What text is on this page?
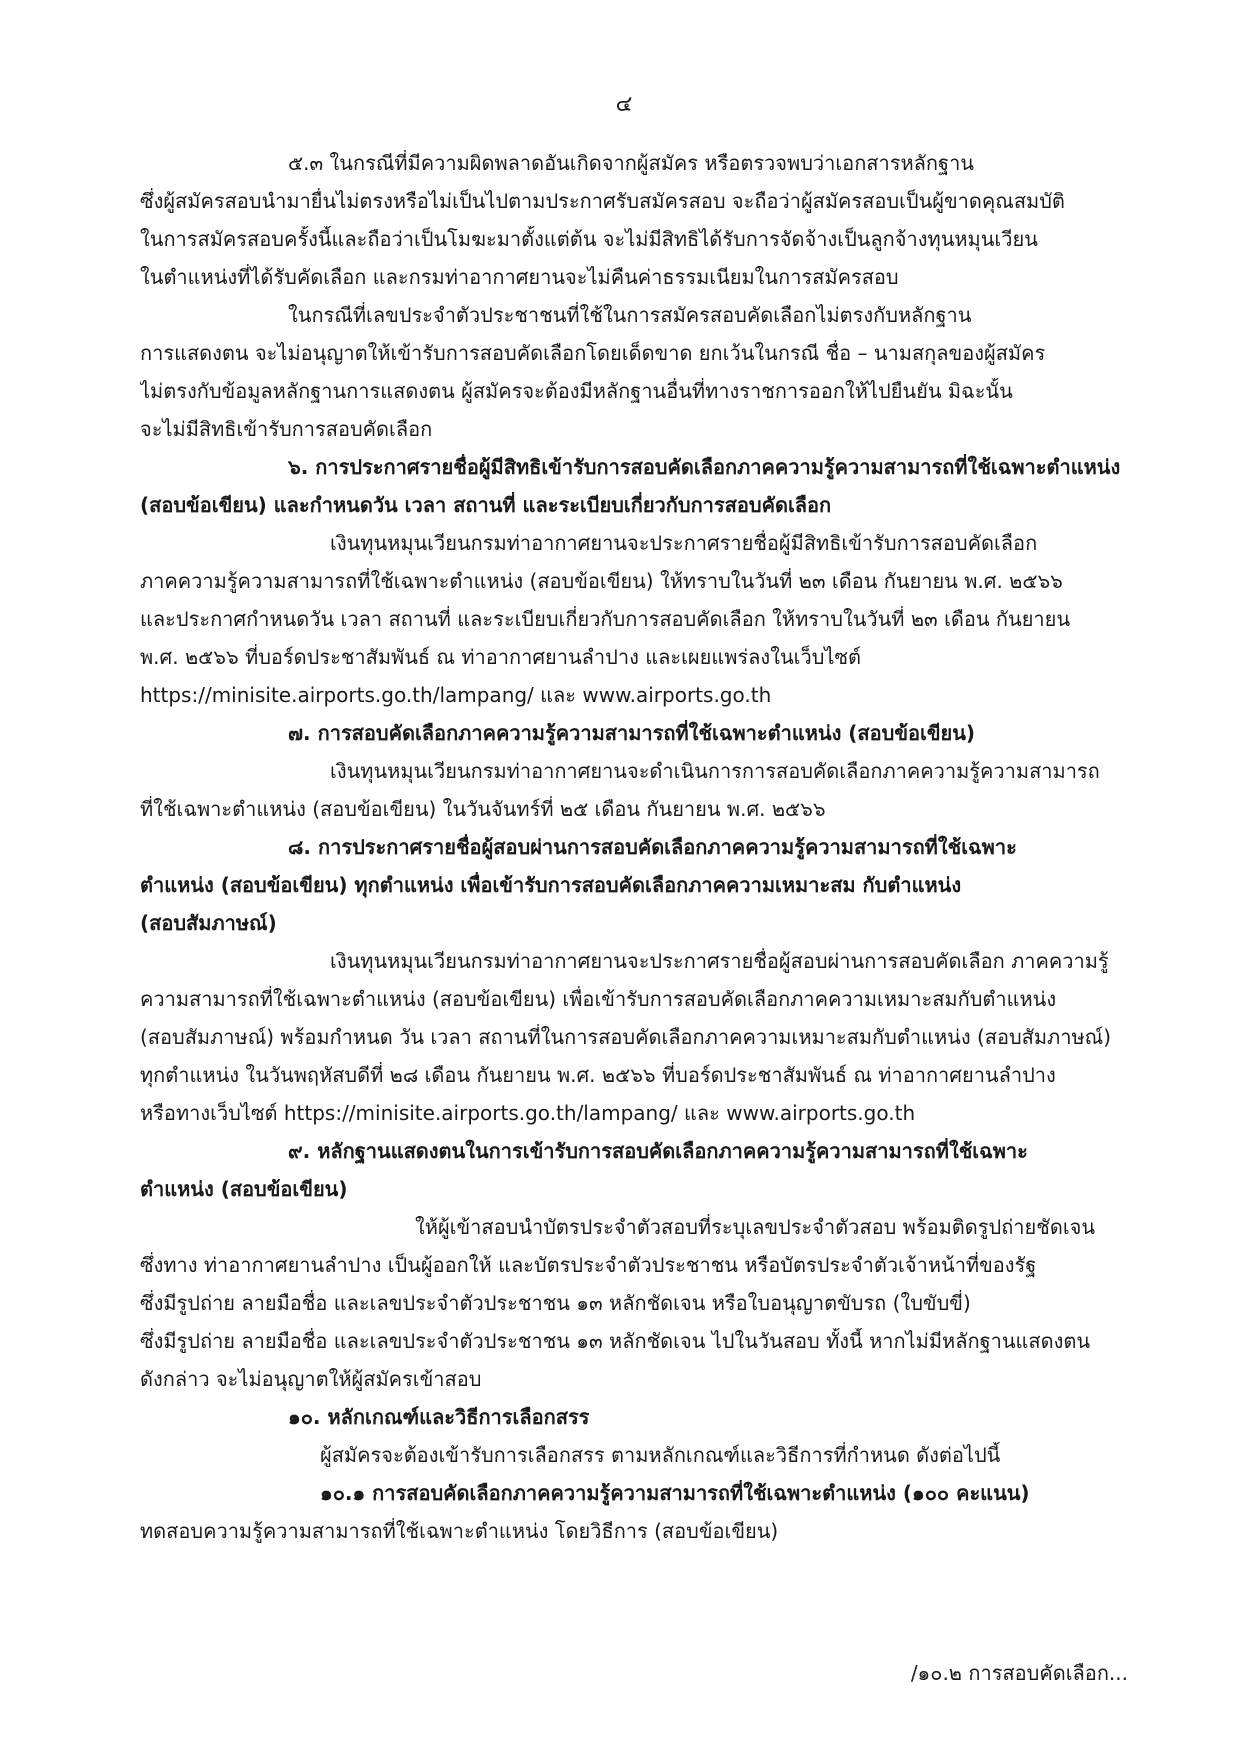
๔
๕.๓ ในกรณีที่มีความผิดพลาดอันเกิดจากผู้สมัคร หรือตรวจพบว่าเอกสารหลักฐาน
ซึ่งผู้สมัครสอบนำมายื่นไม่ตรงหรือไม่เป็นไปตามประกาศรับสมัครสอบ จะถือว่าผู้สมัครสอบเป็นผู้ขาดคุณสมบัติ
ในการสมัครสอบครั้งนี้และถือว่าเป็นโมฆะมาตั้งแต่ต้น จะไม่มีสิทธิได้รับการจัดจ้างเป็นลูกจ้างทุนหมุนเวียน
ในตำแหน่งที่ได้รับคัดเลือก และกรมท่าอากาศยานจะไม่คืนค่าธรรมเนียมในการสมัครสอบ
ในกรณีที่เลขประจำตัวประชาชนที่ใช้ในการสมัครสอบคัดเลือกไม่ตรงกับหลักฐาน
การแสดงตน จะไม่อนุญาตให้เข้ารับการสอบคัดเลือกโดยเด็ดขาด ยกเว้นในกรณี ชื่อ – นามสกุลของผู้สมัคร
ไม่ตรงกับข้อมูลหลักฐานการแสดงตน ผู้สมัครจะต้องมีหลักฐานอื่นที่ทางราชการออกให้ไปยืนยัน มิฉะนั้น
จะไม่มีสิทธิเข้ารับการสอบคัดเลือก
๖. การประกาศรายชื่อผู้มีสิทธิเข้ารับการสอบคัดเลือกภาคความรู้ความสามารถที่ใช้เฉพาะตำแหน่ง
(สอบข้อเขียน) และกำหนดวัน เวลา สถานที่ และระเบียบเกี่ยวกับการสอบคัดเลือก
เงินทุนหมุนเวียนกรมท่าอากาศยานจะประกาศรายชื่อผู้มีสิทธิเข้ารับการสอบคัดเลือก
ภาคความรู้ความสามารถที่ใช้เฉพาะตำแหน่ง (สอบข้อเขียน) ให้ทราบในวันที่ ๒๓ เดือน กันยายน พ.ศ. ๒๕๖๖
และประกาศกำหนดวัน เวลา สถานที่ และระเบียบเกี่ยวกับการสอบคัดเลือก ให้ทราบในวันที่ ๒๓ เดือน กันยายน
พ.ศ. ๒๕๖๖ ที่บอร์ดประชาสัมพันธ์ ณ ท่าอากาศยานลำปาง และเผยแพร่ลงในเว็บไซต์
https://minisite.airports.go.th/lampang/ และ www.airports.go.th
๗. การสอบคัดเลือกภาคความรู้ความสามารถที่ใช้เฉพาะตำแหน่ง (สอบข้อเขียน)
เงินทุนหมุนเวียนกรมท่าอากาศยานจะดำเนินการการสอบคัดเลือกภาคความรู้ความสามารถ
ที่ใช้เฉพาะตำแหน่ง (สอบข้อเขียน) ในวันจันทร์ที่ ๒๕ เดือน กันยายน พ.ศ. ๒๕๖๖
๘. การประกาศรายชื่อผู้สอบผ่านการสอบคัดเลือกภาคความรู้ความสามารถที่ใช้เฉพาะ
ตำแหน่ง (สอบข้อเขียน) ทุกตำแหน่ง เพื่อเข้ารับการสอบคัดเลือกภาคความเหมาะสม กับตำแหน่ง
(สอบสัมภาษณ์)
เงินทุนหมุนเวียนกรมท่าอากาศยานจะประกาศรายชื่อผู้สอบผ่านการสอบคัดเลือก ภาคความรู้
ความสามารถที่ใช้เฉพาะตำแหน่ง (สอบข้อเขียน) เพื่อเข้ารับการสอบคัดเลือกภาคความเหมาะสมกับตำแหน่ง
(สอบสัมภาษณ์) พร้อมกำหนด วัน เวลา สถานที่ในการสอบคัดเลือกภาคความเหมาะสมกับตำแหน่ง (สอบสัมภาษณ์)
ทุกตำแหน่ง ในวันพฤหัสบดีที่ ๒๘ เดือน กันยายน พ.ศ. ๒๕๖๖ ที่บอร์ดประชาสัมพันธ์ ณ ท่าอากาศยานลำปาง
หรือทางเว็บไซต์ https://minisite.airports.go.th/lampang/ และ www.airports.go.th
๙. หลักฐานแสดงตนในการเข้ารับการสอบคัดเลือกภาคความรู้ความสามารถที่ใช้เฉพาะ
ตำแหน่ง (สอบข้อเขียน)
ให้ผู้เข้าสอบนำบัตรประจำตัวสอบที่ระบุเลขประจำตัวสอบ พร้อมติดรูปถ่ายชัดเจน
ซึ่งทาง ท่าอากาศยานลำปาง เป็นผู้ออกให้ และบัตรประจำตัวประชาชน หรือบัตรประจำตัวเจ้าหน้าที่ของรัฐ
ซึ่งมีรูปถ่าย ลายมือชื่อ และเลขประจำตัวประชาชน ๑๓ หลักชัดเจน หรือใบอนุญาตขับรถ (ใบขับขี่)
ซึ่งมีรูปถ่าย ลายมือชื่อ และเลขประจำตัวประชาชน ๑๓ หลักชัดเจน ไปในวันสอบ ทั้งนี้ หากไม่มีหลักฐานแสดงตน
ดังกล่าว จะไม่อนุญาตให้ผู้สมัครเข้าสอบ
๑๐. หลักเกณฑ์และวิธีการเลือกสรร
ผู้สมัครจะต้องเข้ารับการเลือกสรร ตามหลักเกณฑ์และวิธีการที่กำหนด ดังต่อไปนี้
๑๐.๑ การสอบคัดเลือกภาคความรู้ความสามารถที่ใช้เฉพาะตำแหน่ง (๑๐๐ คะแนน)
ทดสอบความรู้ความสามารถที่ใช้เฉพาะตำแหน่ง โดยวิธีการ (สอบข้อเขียน)
/๑๐.๒ การสอบคัดเลือก...
